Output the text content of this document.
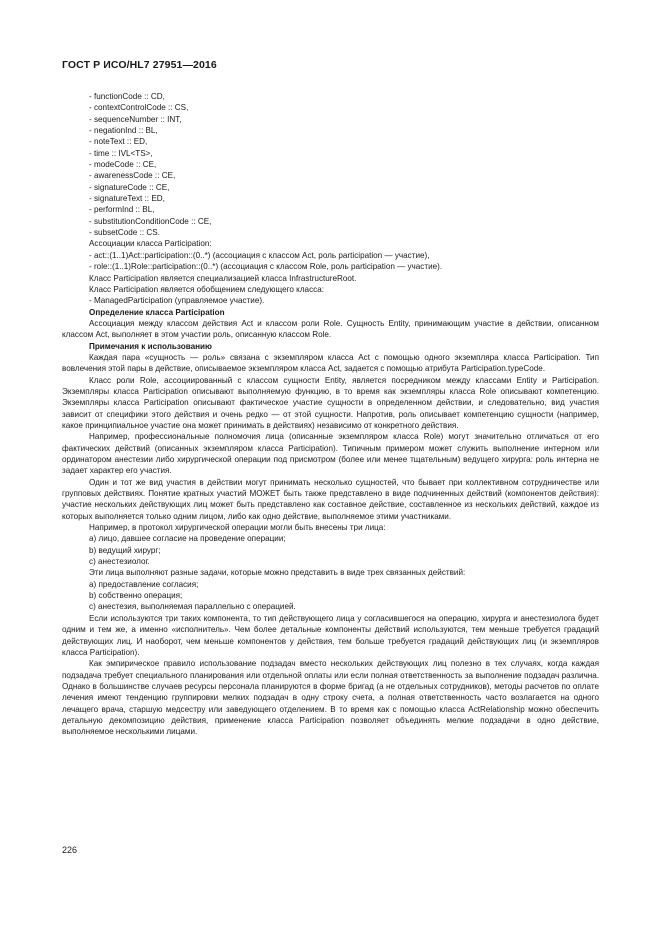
ГОСТ Р ИСО/HL7 27951—2016

- functionCode :: CD,

- contextControlCode :: CS,

- sequenceNumber :: INT,

- negationInd :: BL,

- noteText :: ED,

- time :: IVL<TS>,

- modeCode :: CE,

- awarenessCode :: CE,

- signatureCode :: CE,

- signatureText :: ED,

- performInd :: BL,

- substitutionConditionCode :: CE,

- subsetCode :: CS.

Ассоциации класса Participation:

- act::(1..1)Act::participation::(0..*) (ассоциация с классом Act, роль participation — участие),

- role::(1..1)Role::participation::(0..*) (ассоциация с классом Role, роль participation — участие).

Класс Participation является специализацией класса InfrastructureRoot.

Класс Participation является обобщением следующего класса:

- ManagedParticipation (управляемое участие).

Определение класса Participation

Ассоциация между классом действия Act и классом роли Role. Сущность Entity, принимающим участие в действии, описанном классом Act, выполняет в этом участии роль, описанную классом Role.

Примечания к использованию

Каждая пара «сущность — роль» связана с экземпляром класса Act с помощью одного экземпляра класса Participation. Тип вовлечения этой пары в действие, описываемое экземпляром класса Act, задается с помощью атрибута Participation.typeCode.

Класс роли Role, ассоциированный с классом сущности Entity, является посредником между классами Entity и Participation. Экземпляры класса Participation описывают выполняемую функцию, в то время как экземпляры класса Role описывают компетенцию. Экземпляры класса Participation описывают фактическое участие сущности в определенном действии, и следовательно, вид участия зависит от специфики этого действия и очень редко — от этой сущности. Напротив, роль описывает компетенцию сущности (например, какое принципиальное участие она может принимать в действиях) независимо от конкретного действия.

Например, профессиональные полномочия лица (описанные экземпляром класса Role) могут значительно отличаться от его фактических действий (описанных экземпляром класса Participation). Типичным примером может служить выполнение интерном или ординатором анестезии либо хирургической операции под присмотром (более или менее тщательным) ведущего хирурга: роль интерна не задает характер его участия.

Один и тот же вид участия в действии могут принимать несколько сущностей, что бывает при коллективном сотрудничестве или групповых действиях. Понятие кратных участий МОЖЕТ быть также представлено в виде подчиненных действий (компонентов действия): участие нескольких действующих лиц может быть представлено как составное действие, составленное из нескольких действий, каждое из которых выполняется только одним лицом, либо как одно действие, выполняемое этими участниками.

Например, в протокол хирургической операции могли быть внесены три лица:

а) лицо, давшее согласие на проведение операции;

b) ведущий хирург;

с) анестезиолог.

Эти лица выполняют разные задачи, которые можно представить в виде трех связанных действий:

а) предоставление согласия;

b) собственно операция;

с) анестезия, выполняемая параллельно с операцией.

Если используются три таких компонента, то тип действующего лица у согласившегося на операцию, хирурга и анестезиолога будет одним и тем же, а именно «исполнитель». Чем более детальные компоненты действий используются, тем меньше требуется градаций действующих лиц. И наоборот, чем меньше компонентов у действия, тем больше требуется градаций действующих лиц (и экземпляров класса Participation).

Как эмпирическое правило использование подзадач вместо нескольких действующих лиц полезно в тех случаях, когда каждая подзадача требует специального планирования или отдельной оплаты или если полная ответственность за выполнение подзадач различна. Однако в большинстве случаев ресурсы персонала планируются в форме бригад (а не отдельных сотрудников), методы расчетов по оплате лечения имеют тенденцию группировки мелких подзадач в одну строку счета, а полная ответственность часто возлагается на одного лечащего врача, старшую медсестру или заведующего отделением. В то время как с помощью класса ActRelationship можно обеспечить детальную декомпозицию действия, применение класса Participation позволяет объединять мелкие подзадачи в одно действие, выполняемое несколькими лицами.

226
